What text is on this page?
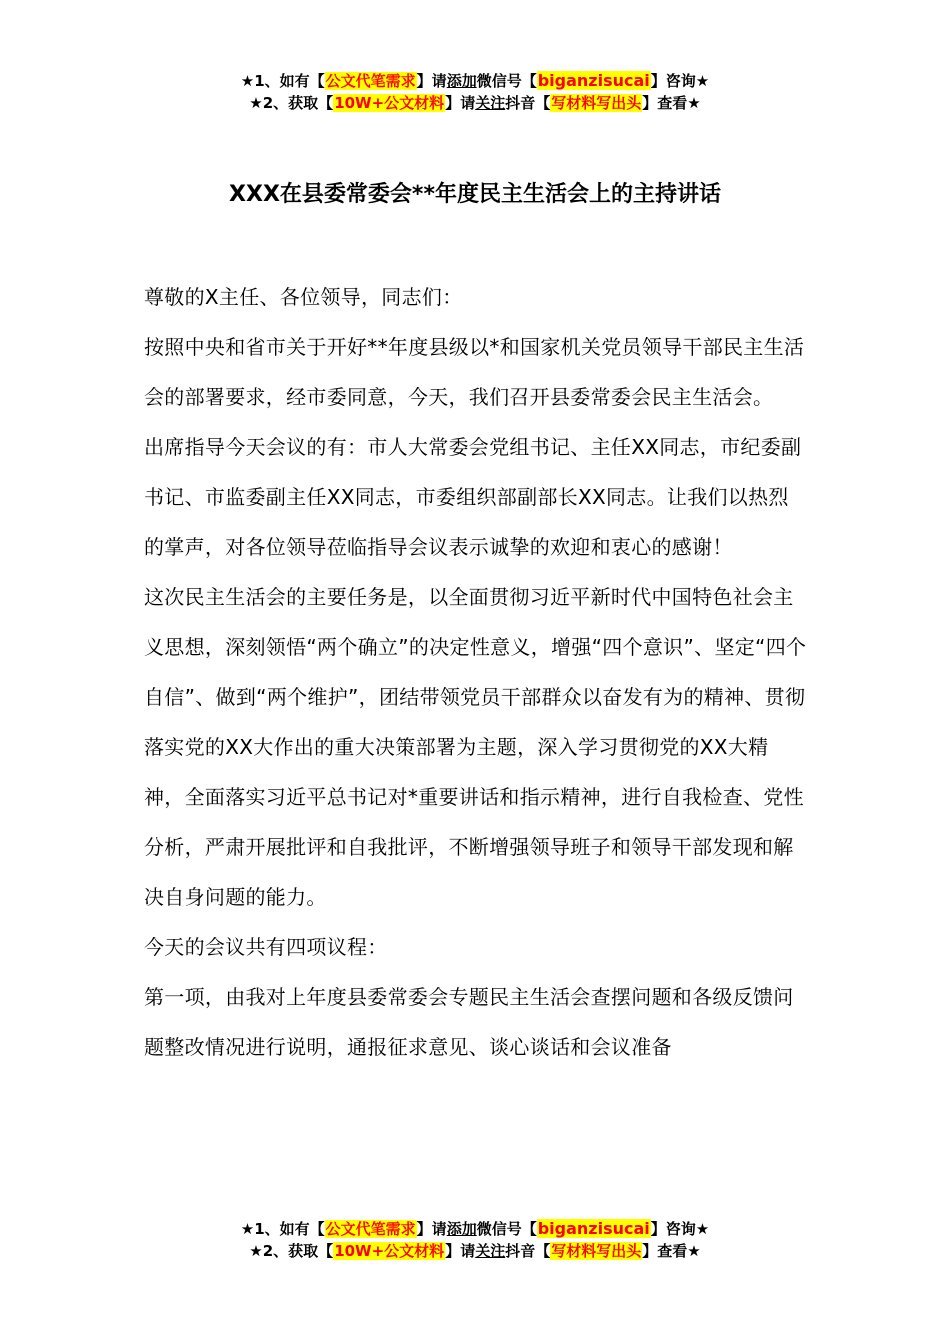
★1、如有【公文代笔需求】请添加微信号【biganzisucai】咨询★
★2、获取【10W+公文材料】请关注抖音【写材料写出头】查看★
XXX在县委常委会**年度民主生活会上的主持讲话

尊敬的X主任、各位领导，同志们：

按照中央和省市关于开好**年度县级以*和国家机关党员领导干部民主生活会的部署要求，经市委同意，今天，我们召开县委常委会民主生活会。

出席指导今天会议的有：市人大常委会党组书记、主任XX同志，市纪委副书记、市监委副主任XX同志，市委组织部副部长XX同志。让我们以热烈的掌声，对各位领导莅临指导会议表示诚挚的欢迎和衷心的感谢！

这次民主生活会的主要任务是，以全面贯彻习近平新时代中国特色社会主义思想，深刻领悟“两个确立”的决定性意义，增强“四个意识”、坚定“四个自信”、做到“两个维护”，团结带领党员干部群众以奋发有为的精神、贯彻落实党的XX大作出的重大决策部署为主题，深入学习贯彻党的XX大精神，全面落实习近平总书记对*重要讲话和指示精神，进行自我检查、党性分析，严肃开展批评和自我批评，不断增强领导班子和领导干部发现和解决自身问题的能力。

今天的会议共有四项议程：

第一项，由我对上年度县委常委会专题民主生活会查摆问题和各级反馈问题整改情况进行说明，通报征求意见、谈心谈话和会议准备

★1、如有【公文代笔需求】请添加微信号【biganzisucai】咨询★
★2、获取【10W+公文材料】请关注抖音【写材料写出头】查看★
